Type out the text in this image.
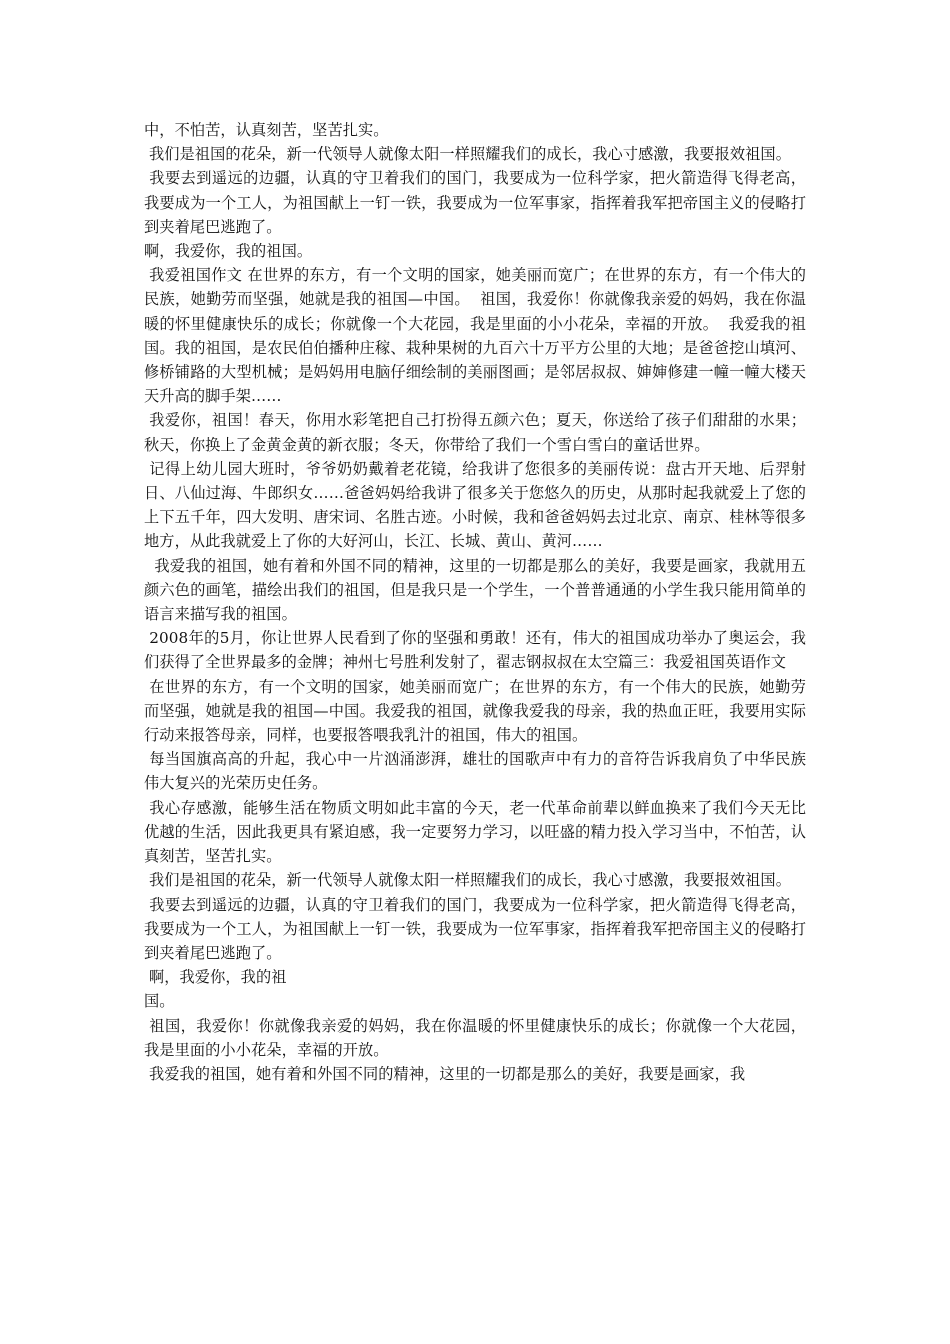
中，不怕苦，认真刻苦，坚苦扎实。

我们是祖国的花朵，新一代领导人就像太阳一样照耀我们的成长，我心寸感激，我要报效祖国。

我要去到遥远的边疆，认真的守卫着我们的国门，我要成为一位科学家，把火箭造得飞得老高，我要成为一个工人，为祖国献上一钉一铁，我要成为一位军事家，指挥着我军把帝国主义的侵略打到夹着尾巴逃跑了。

啊，我爱你，我的祖国。

我爱祖国作文 在世界的东方，有一个文明的国家，她美丽而宽广；在世界的东方，有一个伟大的民族，她勤劳而坚强，她就是我的祖国—中国。  祖国，我爱你！你就像我亲爱的妈妈，我在你温暖的怀里健康快乐的成长；你就像一个大花园，我是里面的小小花朵，幸福的开放。  我爱我的祖国。我的祖国，是农民伯伯播种庄稼、栽种果树的九百六十万平方公里的大地；是爸爸挖山填河、修桥铺路的大型机械；是妈妈用电脑仔细绘制的美丽图画；是邻居叔叔、婶婶修建一幢一幢大楼天天升高的脚手架……

我爱你，祖国！春天，你用水彩笔把自己打扮得五颜六色；夏天，你送给了孩子们甜甜的水果；秋天，你换上了金黄金黄的新衣服；冬天，你带给了我们一个雪白雪白的童话世界。

记得上幼儿园大班时，爷爷奶奶戴着老花镜，给我讲了您很多的美丽传说：盘古开天地、后羿射日、八仙过海、牛郎织女……爸爸妈妈给我讲了很多关于您悠久的历史，从那时起我就爱上了您的上下五千年，四大发明、唐宋词、名胜古迹。小时候，我和爸爸妈妈去过北京、南京、桂林等很多地方，从此我就爱上了你的大好河山，长江、长城、黄山、黄河……

我爱我的祖国，她有着和外国不同的精神，这里的一切都是那么的美好，我要是画家，我就用五颜六色的画笔，描绘出我们的祖国，但是我只是一个学生，一个普普通通的小学生我只能用简单的语言来描写我的祖国。

2008年的5月，你让世界人民看到了你的坚强和勇敢！还有，伟大的祖国成功举办了奥运会，我们获得了全世界最多的金牌；神州七号胜利发射了，翟志钢叔叔在太空篇三：我爱祖国英语作文

在世界的东方，有一个文明的国家，她美丽而宽广；在世界的东方，有一个伟大的民族，她勤劳而坚强，她就是我的祖国—中国。我爱我的祖国，就像我爱我的母亲，我的热血正旺，我要用实际行动来报答母亲，同样，也要报答喂我乳汁的祖国，伟大的祖国。

每当国旗高高的升起，我心中一片汹涌澎湃，雄壮的国歌声中有力的音符告诉我肩负了中华民族伟大复兴的光荣历史任务。

我心存感激，能够生活在物质文明如此丰富的今天，老一代革命前辈以鲜血换来了我们今天无比优越的生活，因此我更具有紧迫感，我一定要努力学习，以旺盛的精力投入学习当中，不怕苦，认真刻苦，坚苦扎实。

我们是祖国的花朵，新一代领导人就像太阳一样照耀我们的成长，我心寸感激，我要报效祖国。

我要去到遥远的边疆，认真的守卫着我们的国门，我要成为一位科学家，把火箭造得飞得老高，我要成为一个工人，为祖国献上一钉一铁，我要成为一位军事家，指挥着我军把帝国主义的侵略打到夹着尾巴逃跑了。

啊，我爱你，我的祖

国。

祖国，我爱你！你就像我亲爱的妈妈，我在你温暖的怀里健康快乐的成长；你就像一个大花园，我是里面的小小花朵，幸福的开放。

我爱我的祖国，她有着和外国不同的精神，这里的一切都是那么的美好，我要是画家，我
